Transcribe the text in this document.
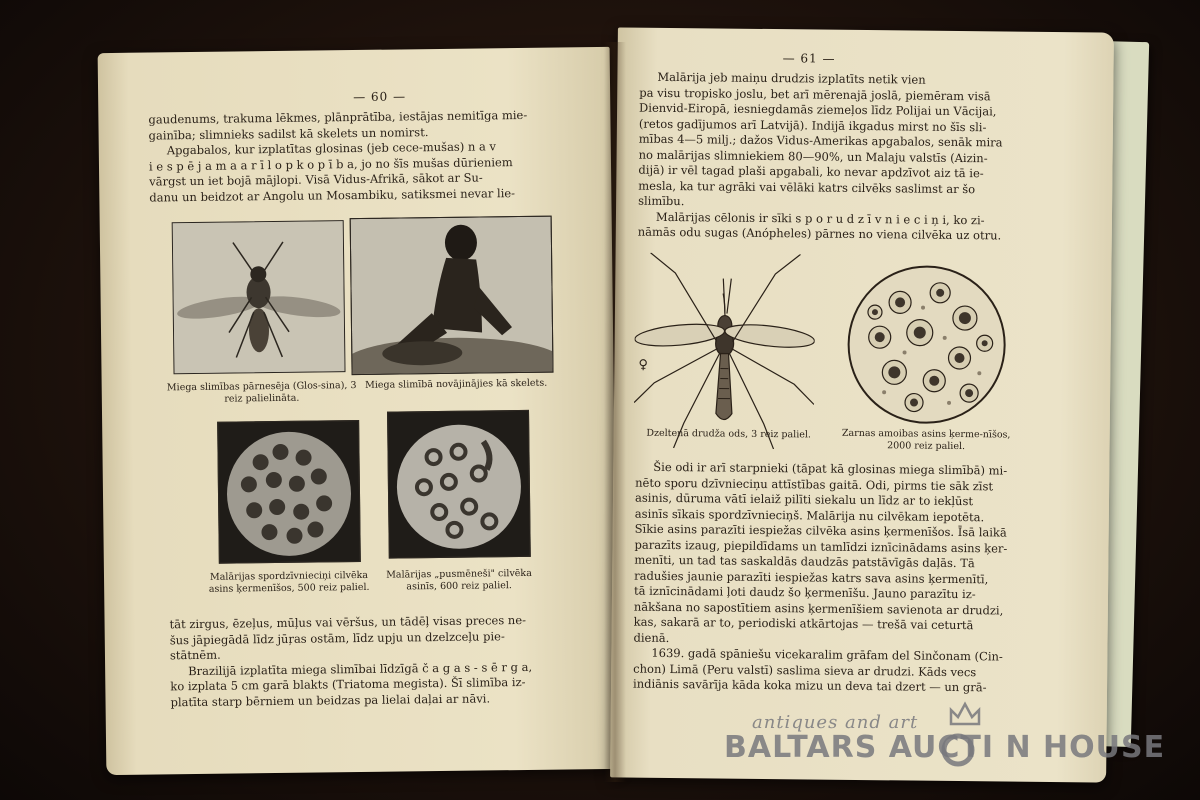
— 60 —

gaudenums, trakuma lēkmes, plānprātība, iestājas nemitīga mie-

gainība; slimnieks sadilst kā skelets un nomirst.

Apgabalos, kur izplatītas glosinas (jeb cece-mušas) n a v

i e s p ē j a m a a r ī l o p k o p ī b a, jo no šīs mušas dūrieniem

vārgst un iet bojā mājlopi. Visā Vidus-Afrikā, sākot ar Su-

danu un beidzot ar Angolu un Mosambiku, satiksmei nevar lie-

Miega slimības pārnesēja (Glos-sina), 3 reiz palielināta.
Miega slimībā novājinājies kā skelets.
Malārijas spordzīvnieciņi cilvēka asins ķermenīšos, 500 reiz paliel.
Malārijas „pusmēneši" cilvēka asinīs, 600 reiz paliel.

tāt zirgus, ēzeļus, mūļus vai vēršus, un tādēļ visas preces ne-

šus jāpiegādā līdz jūŗas ostām, līdz upju un dzelzceļu pie-

stātnēm.

Brazilijā izplatīta miega slimībai līdzīgā č a g a s - s ē r g a,

ko izplata 5 cm garā blakts (Triatoma megista). Šī slimība iz-

platīta starp bērniem un beidzas pa lielai daļai ar nāvi.

— 61 —

Malārija jeb maiņu drudzis izplatīts netik vien

pa visu tropisko joslu, bet arī mērenajā joslā, piemēram visā

Dienvid-Eiropā, iesniegdamās ziemeļos līdz Polijai un Vācijai,

(retos gadījumos arī Latvijā). Indijā ikgadus mirst no šīs sli-

mības 4—5 milj.; dažos Vidus-Amerikas apgabalos, senāk mira

no malārijas slimniekiem 80—90%, un Malaju valstīs (Aizin-

dijā) ir vēl tagad plaši apgabali, ko nevar apdzīvot aiz tā ie-

mesla, ka tur agrāki vai vēlāki katrs cilvēks saslimst ar šo

slimību.

Malārijas cēlonis ir sīki s p o r u d z ī v n i e c i ņ i, ko zi-

nāmās odu sugas (Anópheles) pārnes no viena cilvēka uz otru.

♀
Dzeltenā drudža ods, 3 reiz paliel.	Zarnas amoibas asins ķerme-nīšos, 2000 reiz paliel.

Šie odi ir arī starpnieki (tāpat kā glosinas miega slimībā) mi-

nēto sporu dzīvnieciņu attīstības gaitā. Odi, pirms tie sāk zīst

asinis, dūruma vātī ielaiž pilīti siekalu un līdz ar to iekļūst

asinīs sīkais spordzīvnieciņš. Malārija nu cilvēkam iepotēta.

Sīkie asins parazīti iespiežas cilvēka asins ķermenīšos. Īsā laikā

parazīts izaug, piepildīdams un tamlīdzi iznīcinādams asins ķer-

menīti, un tad tas saskaldās daudzās patstāvīgās daļās. Tā

radušies jaunie parazīti iespiežas katrs sava asins ķermenītī,

tā iznīcinādami ļoti daudz šo ķermenīšu. Jauno parazītu iz-

nākšana no sapostītiem asins ķermenīšiem savienota ar drudzi,

kas, sakarā ar to, periodiski atkārtojas — trešā vai ceturtā

dienā.

1639. gadā spāniešu vicekaralim grāfam del Sinčonam (Cin-

chon) Limā (Peru valstī) saslima sieva ar drudzi. Kāds vecs

indiānis savārīja kāda koka mizu un deva tai dzert — un grā-

antiques and art
BALTARS AUCTI N HOUSE
